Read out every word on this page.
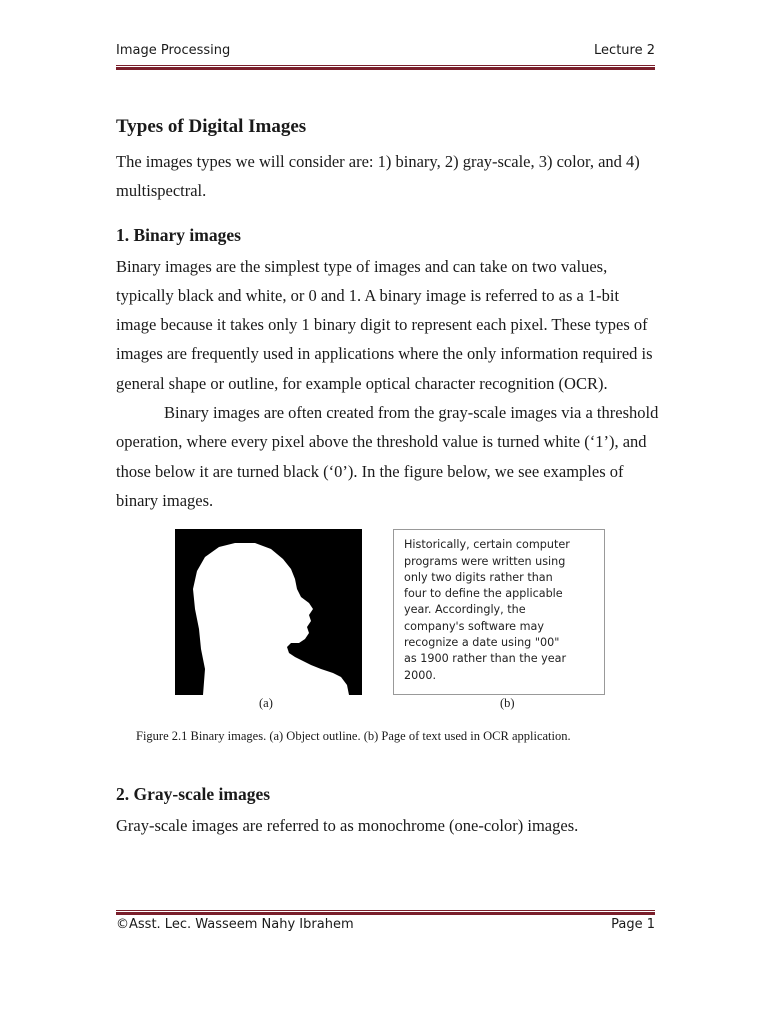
Image Processing	Lecture 2
Types of Digital Images

The images types we will consider are: 1) binary, 2) gray-scale, 3) color, and 4) multispectral.

1. Binary images

Binary images are the simplest type of images and can take on two values, typically black and white, or 0 and 1. A binary image is referred to as a 1-bit image because it takes only 1 binary digit to represent each pixel. These types of images are frequently used in applications where the only information required is general shape or outline, for example optical character recognition (OCR).

Binary images are often created from the gray-scale images via a threshold operation, where every pixel above the threshold value is turned white (‘1’), and those below it are turned black (‘0’). In the figure below, we see examples of binary images.

Historically, certain computer
programs were written using
only two digits rather than
four to define the applicable
year. Accordingly, the
company's software may
recognize a date using "00"
as 1900 rather than the year
2000.
(a)	(b)

Figure 2.1 Binary images. (a) Object outline. (b) Page of text used in OCR application.

2. Gray-scale images

Gray-scale images are referred to as monochrome (one-color) images.

©Asst. Lec. Wasseem Nahy Ibrahem	Page 1
